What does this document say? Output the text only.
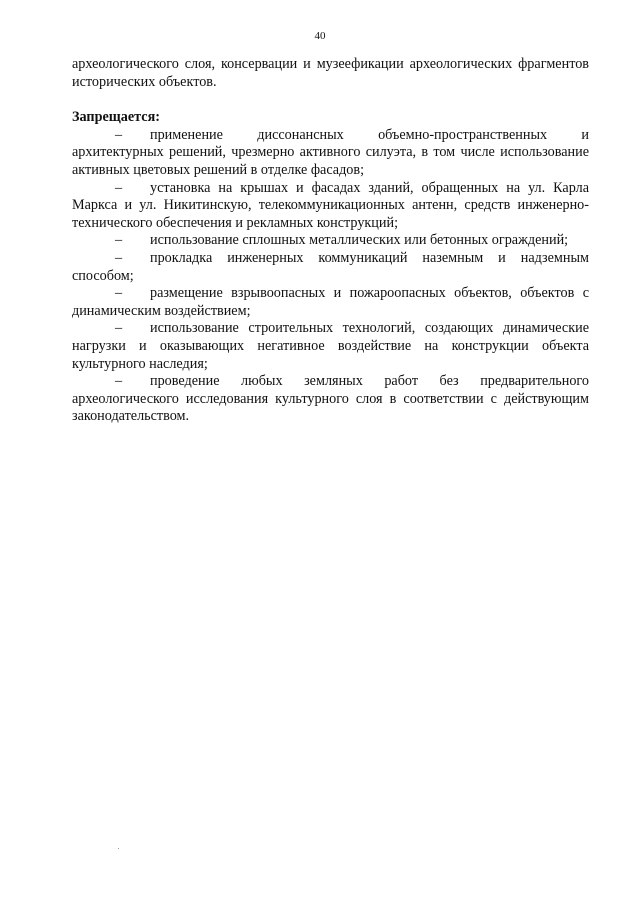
40

археологического слоя, консервации и музеефикации археологических фрагментов исторических объектов.

Запрещается:

– применение диссонансных объемно-пространственных и архитектурных решений, чрезмерно активного силуэта, в том числе использование активных цветовых решений в отделке фасадов;
– установка на крышах и фасадах зданий, обращенных на ул. Карла Маркса и ул. Никитинскую, телекоммуникационных антенн, средств инженерно-технического обеспечения и рекламных конструкций;
– использование сплошных металлических или бетонных ограждений;
– прокладка инженерных коммуникаций наземным и надземным способом;
– размещение взрывоопасных и пожароопасных объектов, объектов с динамическим воздействием;
– использование строительных технологий, создающих динамические нагрузки и оказывающих негативное воздействие на конструкции объекта культурного наследия;
– проведение любых земляных работ без предварительного археологического исследования культурного слоя в соответствии с действующим законодательством.
